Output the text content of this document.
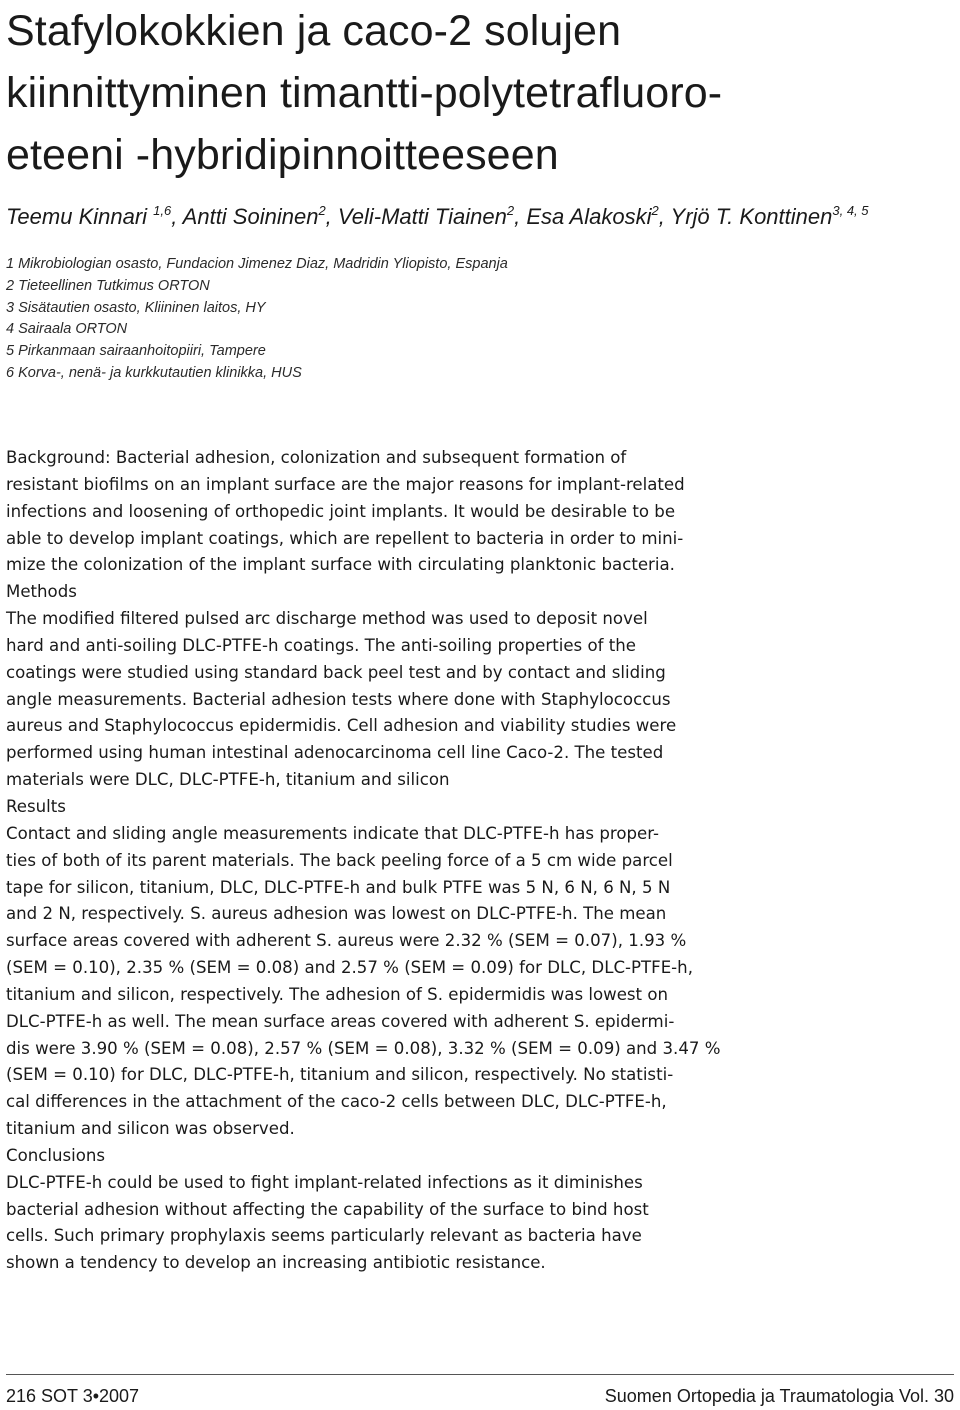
Stafylokokkien ja caco-2 solujen
kiinnittyminen timantti-polytetrafluoro-
eteeni -hybridipinnoitteeseen

Teemu Kinnari $^{1,6}$, Antti Soininen$^2$, Veli-Matti Tiainen$^2$, Esa Alakoski$^2$, Yrjö T. Konttinen$^{3, 4, 5}$

1 Mikrobiologian osasto, Fundacion Jimenez Diaz, Madridin Yliopisto, Espanja
2 Tieteellinen Tutkimus ORTON
3 Sisätautien osasto, Kliininen laitos, HY
4 Sairaala ORTON
5 Pirkanmaan sairaanhoitopiiri, Tampere
6 Korva-, nenä- ja kurkkutautien klinikka, HUS
Background: Bacterial adhesion, colonization and subsequent formation of
resistant biofilms on an implant surface are the major reasons for implant-related
infections and loosening of orthopedic joint implants. It would be desirable to be
able to develop implant coatings, which are repellent to bacteria in order to mini-
mize the colonization of the implant surface with circulating planktonic bacteria.
Methods
The modified filtered pulsed arc discharge method was used to deposit novel
hard and anti-soiling DLC-PTFE-h coatings. The anti-soiling properties of the
coatings were studied using standard back peel test and by contact and sliding
angle measurements. Bacterial adhesion tests where done with Staphylococcus
aureus and Staphylococcus epidermidis. Cell adhesion and viability studies were
performed using human intestinal adenocarcinoma cell line Caco-2. The tested
materials were DLC, DLC-PTFE-h, titanium and silicon
Results
Contact and sliding angle measurements indicate that DLC-PTFE-h has proper-
ties of both of its parent materials. The back peeling force of a 5 cm wide parcel
tape for silicon, titanium, DLC, DLC-PTFE-h and bulk PTFE was 5 N, 6 N, 6 N, 5 N
and 2 N, respectively. S. aureus adhesion was lowest on DLC-PTFE-h. The mean
surface areas covered with adherent S. aureus were 2.32 % (SEM = 0.07), 1.93 %
(SEM = 0.10), 2.35 % (SEM = 0.08) and 2.57 % (SEM = 0.09) for DLC, DLC-PTFE-h,
titanium and silicon, respectively. The adhesion of S. epidermidis was lowest on
DLC-PTFE-h as well. The mean surface areas covered with adherent S. epidermi-
dis were 3.90 % (SEM = 0.08), 2.57 % (SEM = 0.08), 3.32 % (SEM = 0.09) and 3.47 %
(SEM = 0.10) for DLC, DLC-PTFE-h, titanium and silicon, respectively. No statisti-
cal differences in the attachment of the caco-2 cells between DLC, DLC-PTFE-h,
titanium and silicon was observed.
Conclusions
DLC-PTFE-h could be used to fight implant-related infections as it diminishes
bacterial adhesion without affecting the capability of the surface to bind host
cells. Such primary prophylaxis seems particularly relevant as bacteria have
shown a tendency to develop an increasing antibiotic resistance.
216 SOT 3•2007	Suomen Ortopedia ja Traumatologia Vol. 30
